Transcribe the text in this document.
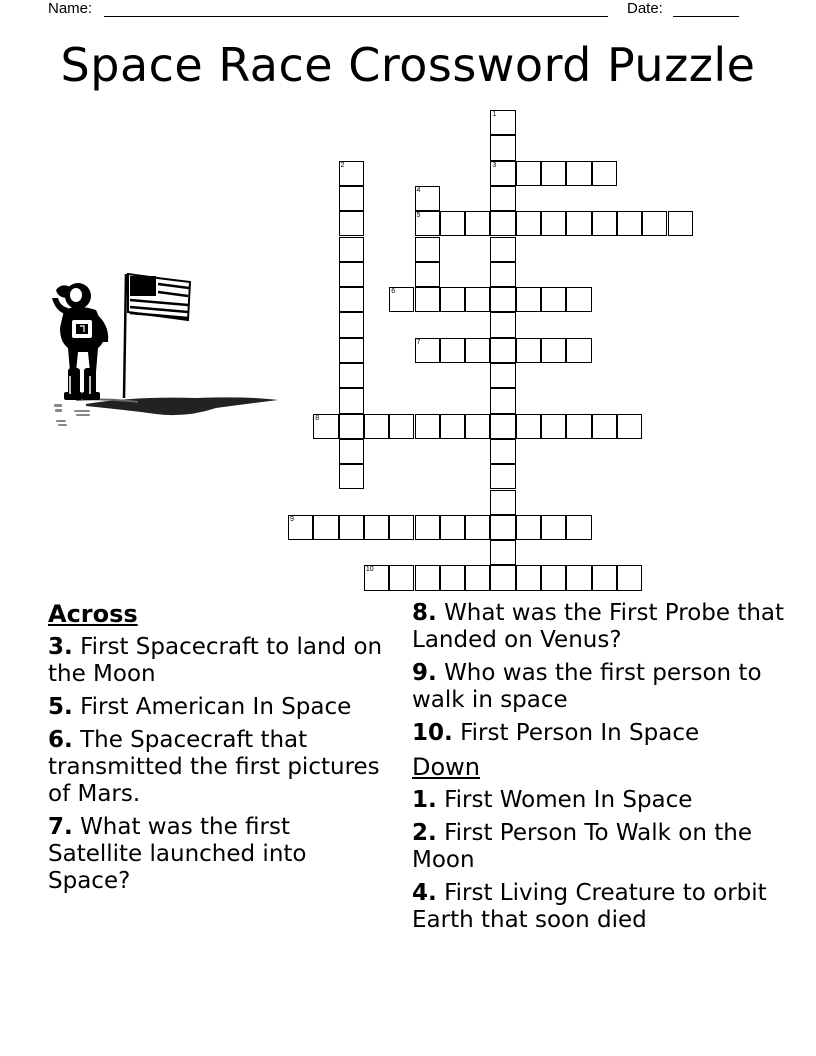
Name:	Date:
Space Race Crossword Puzzle
1
3
2
4
5
6
7
8
9
10
Across
3. First Spacecraft to land on the Moon
5. First American In Space
6. The Spacecraft that transmitted the first pictures of Mars.
7. What was the first Satellite launched into Space?
8. What was the First Probe that Landed on Venus?
9. Who was the first person to walk in space
10. First Person In Space
Down
1. First Women In Space
2. First Person To Walk on the Moon
4. First Living Creature to orbit Earth that soon died
